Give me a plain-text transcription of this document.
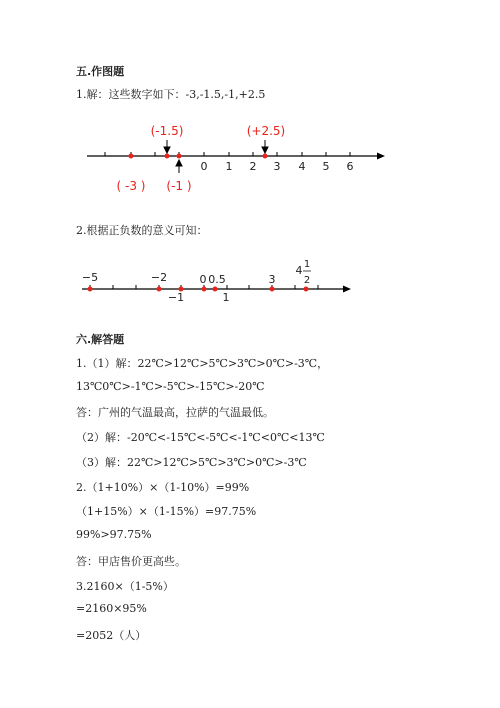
五.作图题
1.解：这些数字如下：-3,-1.5,-1,+2.5
0 1 2 3 4 5 6
(-1.5)	(+2.5)
( -3 ) (-1 )
2.根据正负数的意义可知：
−5	−2	0 0.5	3
−1	1
4 1
2
六.解答题
1.（1）解：22℃>12℃>5℃>3℃>0℃>-3℃，
13℃0℃>-1℃>-5℃>-15℃>-20℃
答：广州的气温最高，拉萨的气温最低。
（2）解：-20℃<-15℃<-5℃<-1℃<0℃<13℃
（3）解：22℃>12℃>5℃>3℃>0℃>-3℃
2.（1+10%）×（1-10%）=99%
（1+15%）×（1-15%）=97.75%
99%>97.75%
答：甲店售价更高些。
3.2160×（1-5%）
=2160×95%
=2052（人）
